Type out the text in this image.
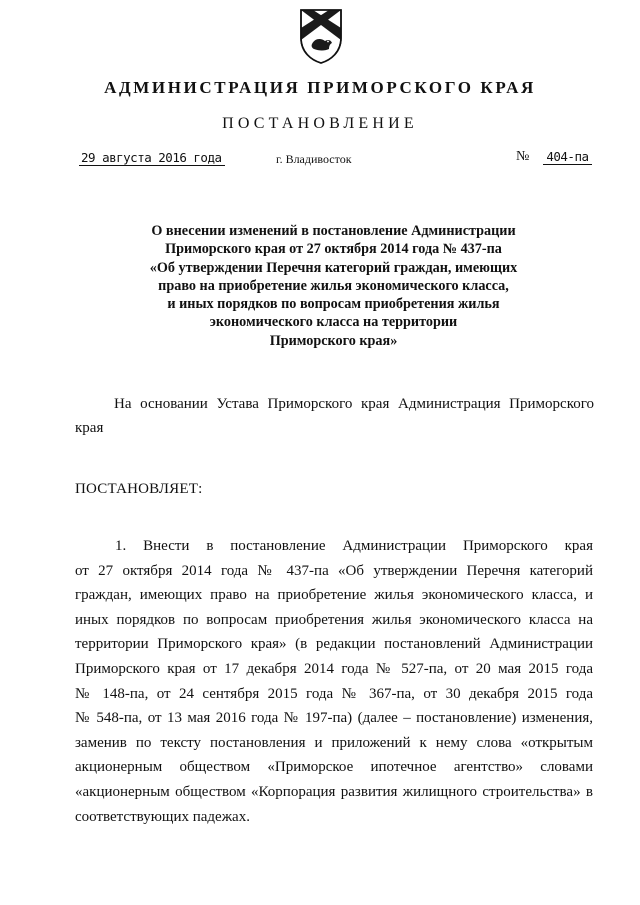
АДМИНИСТРАЦИЯ ПРИМОРСКОГО КРАЯ
ПОСТАНОВЛЕНИЕ
29 августа 2016 года	г. Владивосток	№ 404-па
О внесении изменений в постановление Администрации
Приморского края от 27 октября 2014 года № 437-па
«Об утверждении Перечня категорий граждан, имеющих
право на приобретение жилья экономического класса,
и иных порядков по вопросам приобретения жилья
экономического класса на территории
Приморского края»
На основании Устава Приморского края Администрация Приморского
края
ПОСТАНОВЛЯЕТ:
1. Внести в постановление Администрации Приморского края
от 27 октября 2014 года № 437-па «Об утверждении Перечня категорий
граждан, имеющих право на приобретение жилья экономического класса, и
иных порядков по вопросам приобретения жилья экономического класса на
территории Приморского края» (в редакции постановлений Администрации
Приморского края от 17 декабря 2014 года № 527-па, от 20 мая 2015 года
№ 148-па, от 24 сентября 2015 года № 367-па, от 30 декабря 2015 года
№ 548-па, от 13 мая 2016 года № 197-па) (далее – постановление) изменения,
заменив по тексту постановления и приложений к нему слова «открытым
акционерным обществом «Приморское ипотечное агентство» словами
«акционерным обществом «Корпорация развития жилищного строительства» в
соответствующих падежах.
